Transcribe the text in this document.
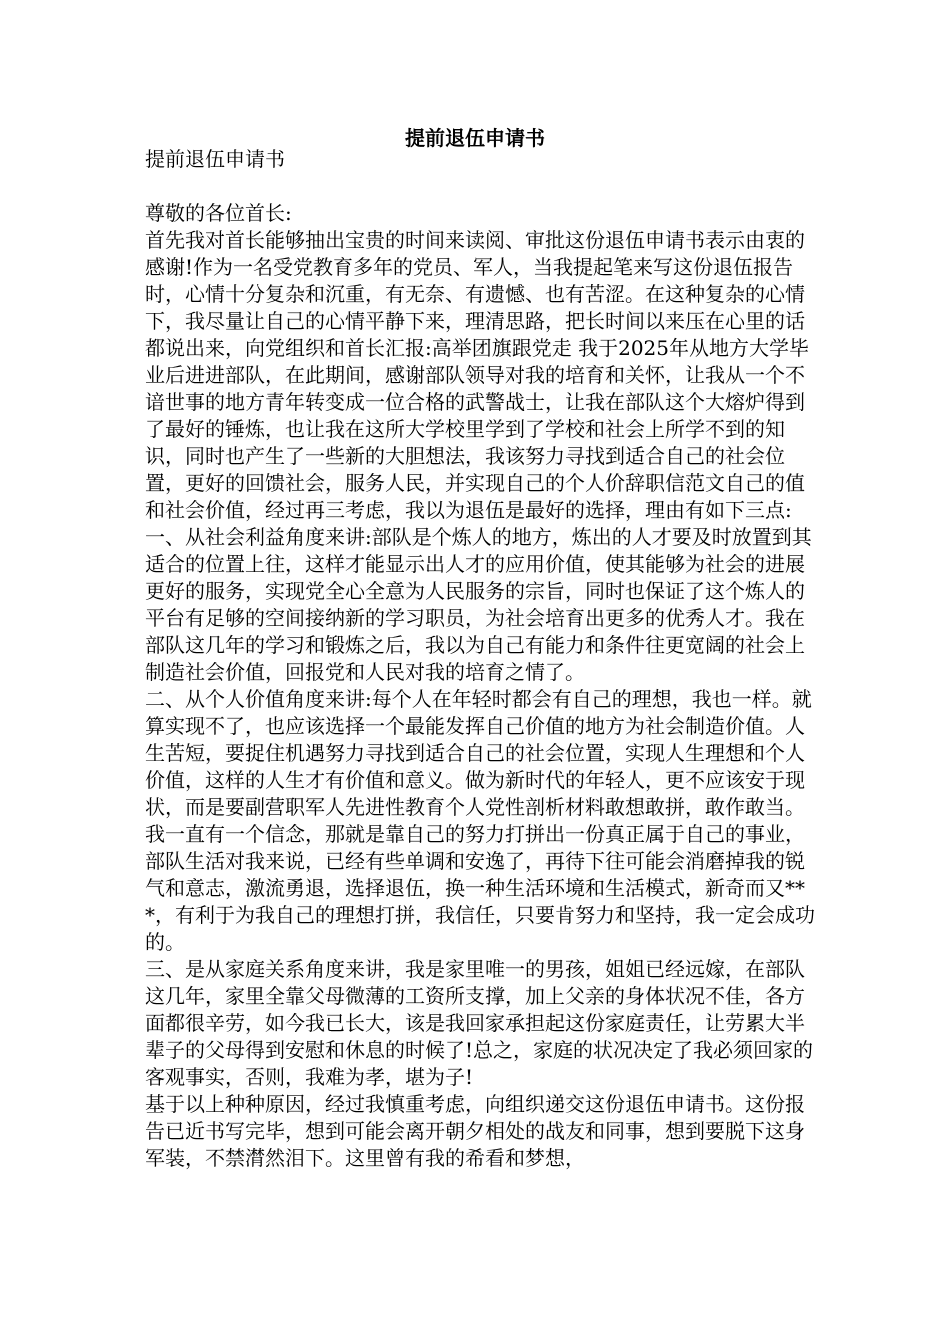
提前退伍申请书
提前退伍申请书

尊敬的各位首长:
首先我对首长能够抽出宝贵的时间来读阅、审批这份退伍申请书表示由衷的感谢!作为一名受党教育多年的党员、军人，当我提起笔来写这份退伍报告时，心情十分复杂和沉重，有无奈、有遗憾、也有苦涩。在这种复杂的心情下，我尽量让自己的心情平静下来，理清思路，把长时间以来压在心里的话都说出来，向党组织和首长汇报:高举团旗跟党走 我于2025年从地方大学毕业后进进部队，在此期间，感谢部队领导对我的培育和关怀，让我从一个不谙世事的地方青年转变成一位合格的武警战士，让我在部队这个大熔炉得到了最好的锤炼，也让我在这所大学校里学到了学校和社会上所学不到的知识，同时也产生了一些新的大胆想法，我该努力寻找到适合自己的社会位置，更好的回馈社会，服务人民，并实现自己的个人价辞职信范文自己的值和社会价值，经过再三考虑，我以为退伍是最好的选择，理由有如下三点:
一、从社会利益角度来讲:部队是个炼人的地方，炼出的人才要及时放置到其适合的位置上往，这样才能显示出人才的应用价值，使其能够为社会的进展更好的服务，实现党全心全意为人民服务的宗旨，同时也保证了这个炼人的平台有足够的空间接纳新的学习职员，为社会培育出更多的优秀人才。我在部队这几年的学习和锻炼之后，我以为自己有能力和条件往更宽阔的社会上制造社会价值，回报党和人民对我的培育之情了。
二、从个人价值角度来讲:每个人在年轻时都会有自己的理想，我也一样。就算实现不了，也应该选择一个最能发挥自己价值的地方为社会制造价值。人生苦短，要捉住机遇努力寻找到适合自己的社会位置，实现人生理想和个人价值，这样的人生才有价值和意义。做为新时代的年轻人，更不应该安于现状，而是要副营职军人先进性教育个人党性剖析材料敢想敢拼，敢作敢当。我一直有一个信念，那就是靠自己的努力打拼出一份真正属于自己的事业，部队生活对我来说，已经有些单调和安逸了，再待下往可能会消磨掉我的锐气和意志，激流勇退，选择退伍，换一种生活环境和生活模式，新奇而又***，有利于为我自己的理想打拼，我信任，只要肯努力和坚持，我一定会成功的。
三、是从家庭关系角度来讲，我是家里唯一的男孩，姐姐已经远嫁，在部队这几年，家里全靠父母微薄的工资所支撑，加上父亲的身体状况不佳，各方面都很辛劳，如今我已长大，该是我回家承担起这份家庭责任，让劳累大半辈子的父母得到安慰和休息的时候了!总之，家庭的状况决定了我必须回家的客观事实，否则，我难为孝，堪为子!
基于以上种种原因，经过我慎重考虑，向组织递交这份退伍申请书。这份报告已近书写完毕，想到可能会离开朝夕相处的战友和同事，想到要脱下这身军装，不禁潸然泪下。这里曾有我的希看和梦想，
